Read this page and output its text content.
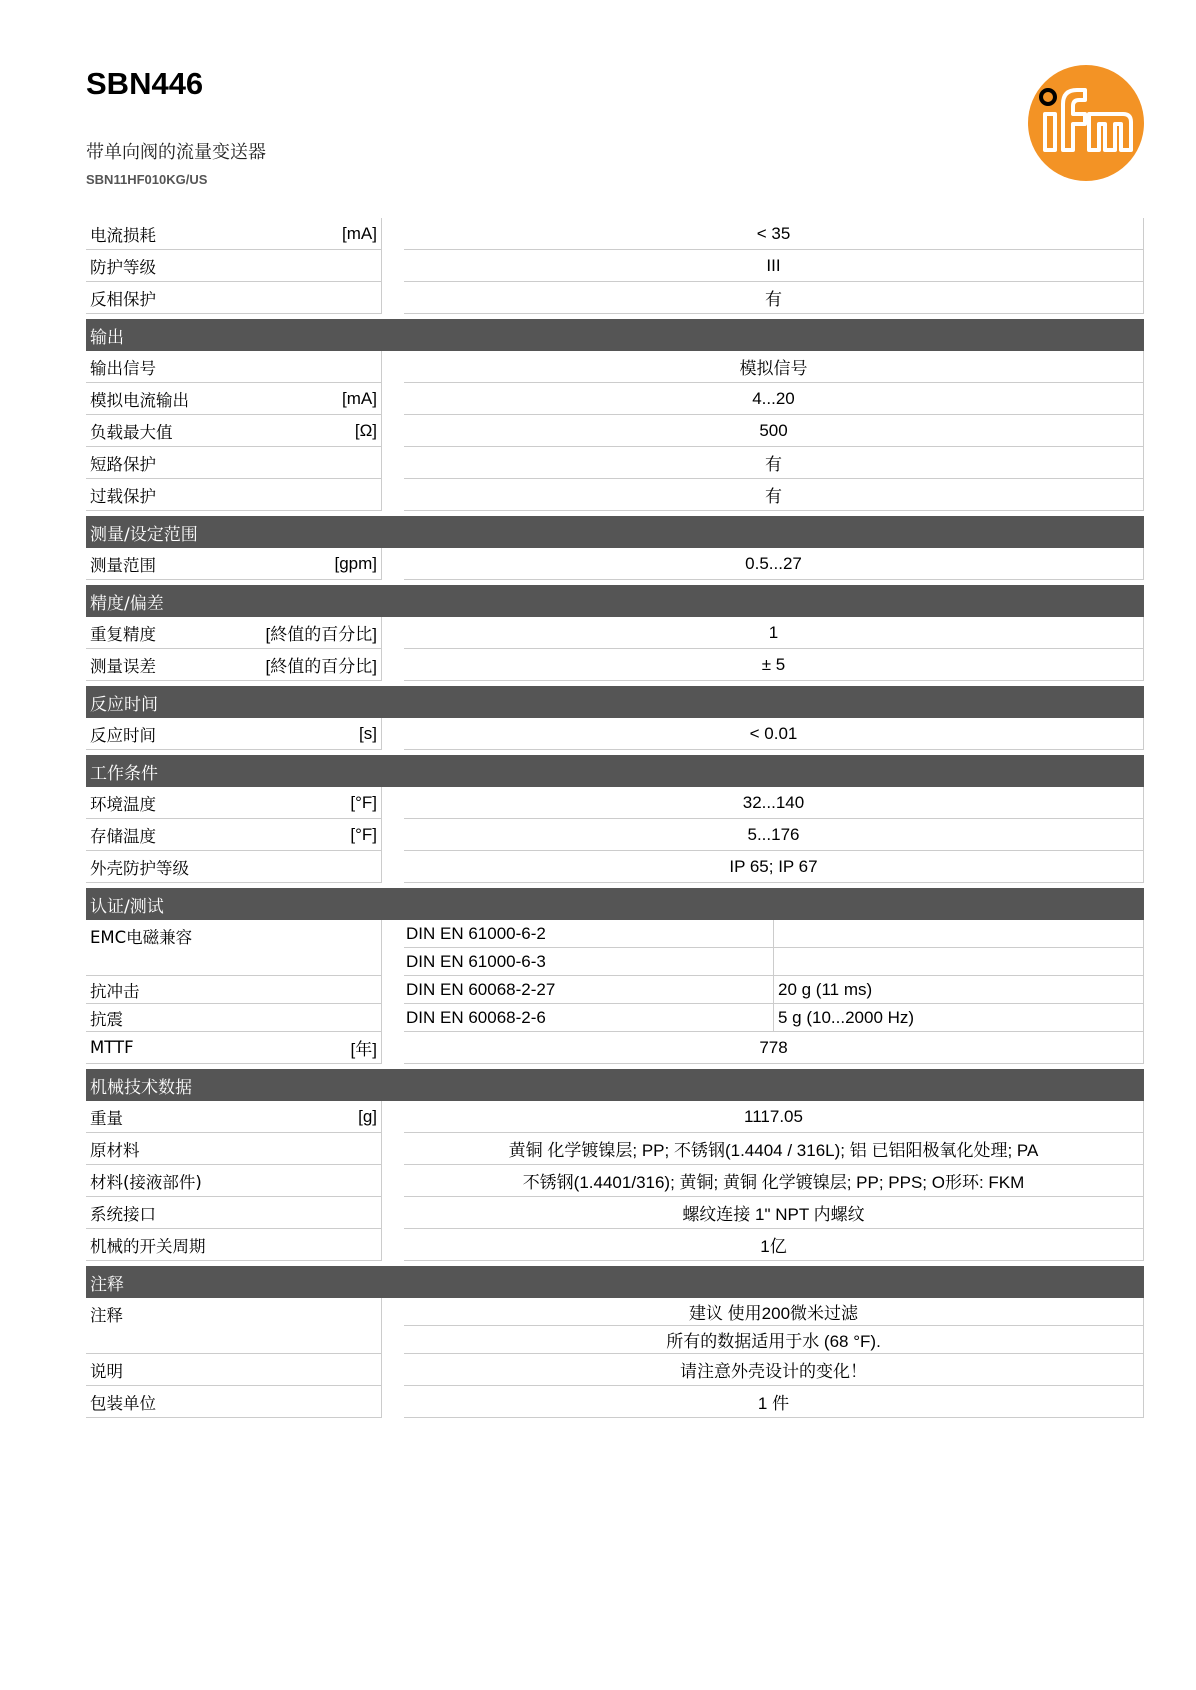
SBN446
带单向阀的流量变送器
SBN11HF010KG/US
电流损耗	[mA]	< 35
防护等级	III
反相保护	有
输出
输出信号	模拟信号
模拟电流输出	[mA]	4...20
负载最大值	[Ω]	500
短路保护	有
过载保护	有
测量/设定范围
测量范围	[gpm]	0.5...27
精度/偏差
重复精度	[終值的百分比]	1
测量误差	[終值的百分比]	± 5
反应时间
反应时间	[s]	< 0.01
工作条件
环境温度	[°F]	32...140
存储温度	[°F]	5...176
外壳防护等级	IP 65; IP 67
认证/测试
EMC电磁兼容	DIN EN 61000-6-2
DIN EN 61000-6-3
抗冲击	DIN EN 60068-2-27	20 g (11 ms)
抗震	DIN EN 60068-2-6	5 g (10...2000 Hz)
MTTF	[年]	778
机械技术数据
重量	[g]	1117.05
原材料	黄铜 化学镀镍层; PP; 不锈钢(1.4404 / 316L); 铝 已铝阳极氧化处理; PA
材料(接液部件)	不锈钢(1.4401/316); 黄铜; 黄铜 化学镀镍层; PP; PPS; O形环: FKM
系统接口	螺纹连接 1" NPT 内螺纹
机械的开关周期	1亿
注释
注释	建议 使用200微米过滤
所有的数据适用于水 (68 °F).
说明	请注意外壳设计的变化！
包装单位	1 件
